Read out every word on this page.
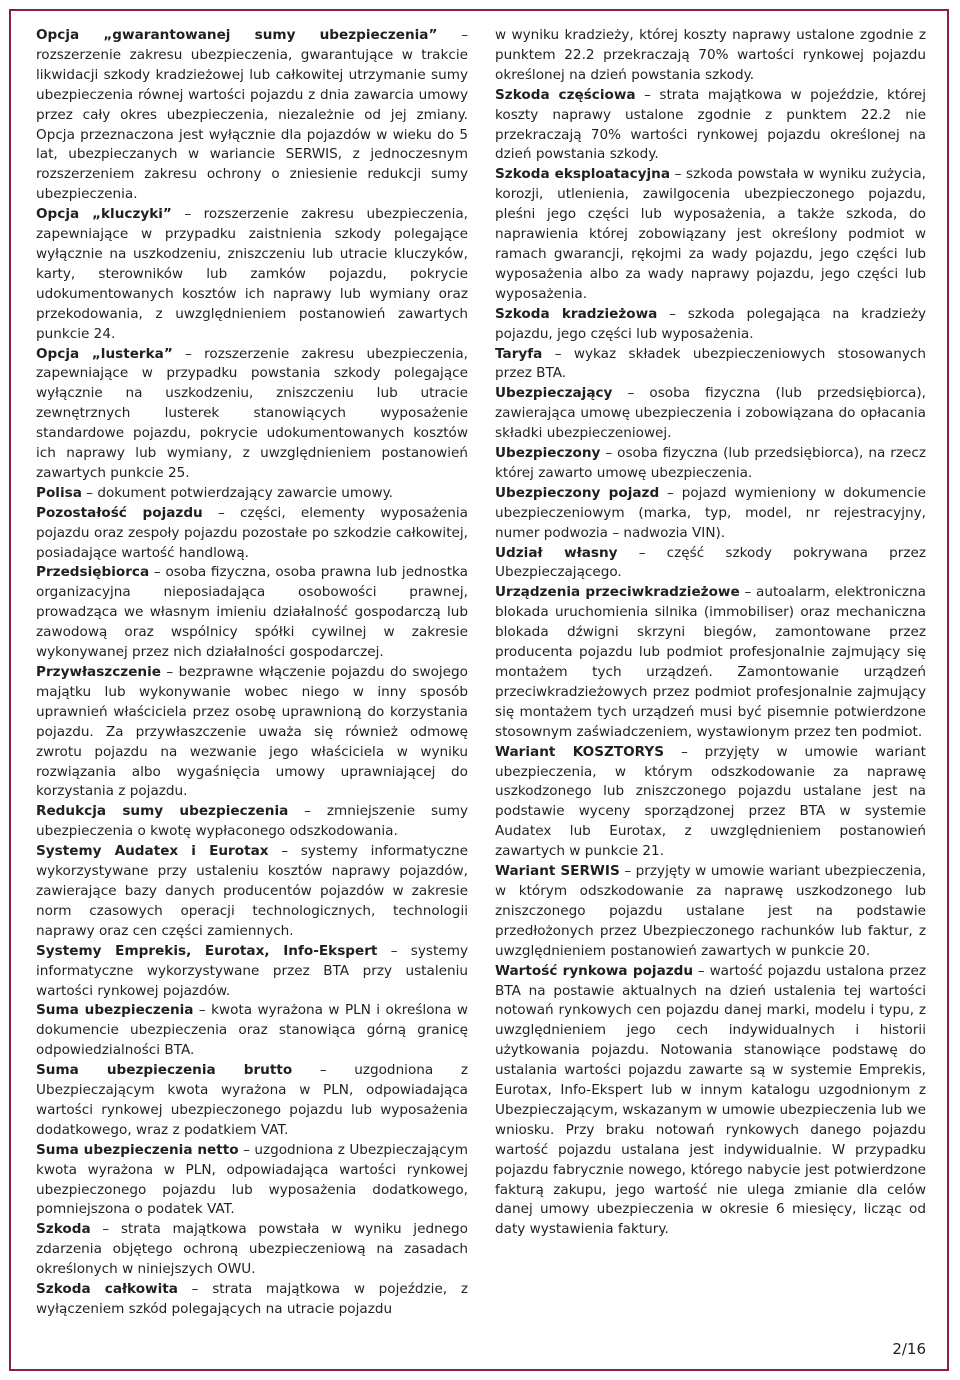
Opcja „gwarantowanej sumy ubezpieczenia” – rozszerzenie zakresu ubezpieczenia, gwarantujące w trakcie likwidacji szkody kradzieżowej lub całkowitej utrzymanie sumy ubezpieczenia równej wartości pojazdu z dnia zawarcia umowy przez cały okres ubezpieczenia, niezależnie od jej zmiany. Opcja przeznaczona jest wyłącznie dla pojazdów w wieku do 5 lat, ubezpieczanych w wariancie SERWIS, z jednoczesnym rozszerzeniem zakresu ochrony o zniesienie redukcji sumy ubezpieczenia.
Opcja „kluczyki” – rozszerzenie zakresu ubezpieczenia, zapewniające w przypadku zaistnienia szkody polegające wyłącznie na uszkodzeniu, zniszczeniu lub utracie kluczyków, karty, sterowników lub zamków pojazdu, pokrycie udokumentowanych kosztów ich naprawy lub wymiany oraz przekodowania, z uwzględnieniem postanowień zawartych punkcie 24.
Opcja „lusterka” – rozszerzenie zakresu ubezpieczenia, zapewniające w przypadku powstania szkody polegające wyłącznie na uszkodzeniu, zniszczeniu lub utracie zewnętrznych lusterek stanowiących wyposażenie standardowe pojazdu, pokrycie udokumentowanych kosztów ich naprawy lub wymiany, z uwzględnieniem postanowień zawartych punkcie 25.
Polisa – dokument potwierdzający zawarcie umowy.
Pozostałość pojazdu – części, elementy wyposażenia pojazdu oraz zespoły pojazdu pozostałe po szkodzie całkowitej, posiadające wartość handlową.
Przedsiębiorca – osoba fizyczna, osoba prawna lub jednostka organizacyjna nieposiadająca osobowości prawnej, prowadząca we własnym imieniu działalność gospodarczą lub zawodową oraz wspólnicy spółki cywilnej w zakresie wykonywanej przez nich działalności gospodarczej.
Przywłaszczenie – bezprawne włączenie pojazdu do swojego majątku lub wykonywanie wobec niego w inny sposób uprawnień właściciela przez osobę uprawnioną do korzystania pojazdu. Za przywłaszczenie uważa się również odmowę zwrotu pojazdu na wezwanie jego właściciela w wyniku rozwiązania albo wygaśnięcia umowy uprawniającej do korzystania z pojazdu.
Redukcja sumy ubezpieczenia – zmniejszenie sumy ubezpieczenia o kwotę wypłaconego odszkodowania.
Systemy Audatex i Eurotax – systemy informatyczne wykorzystywane przy ustaleniu kosztów naprawy pojazdów, zawierające bazy danych producentów pojazdów w zakresie norm czasowych operacji technologicznych, technologii naprawy oraz cen części zamiennych.
Systemy Emprekis, Eurotax, Info-Ekspert – systemy informatyczne wykorzystywane przez BTA przy ustaleniu wartości rynkowej pojazdów.
Suma ubezpieczenia – kwota wyrażona w PLN i określona w dokumencie ubezpieczenia oraz stanowiąca górną granicę odpowiedzialności BTA.
Suma ubezpieczenia brutto – uzgodniona z Ubezpieczającym kwota wyrażona w PLN, odpowiadająca wartości rynkowej ubezpieczonego pojazdu lub wyposażenia dodatkowego, wraz z podatkiem VAT.
Suma ubezpieczenia netto – uzgodniona z Ubezpieczającym kwota wyrażona w PLN, odpowiadająca wartości rynkowej ubezpieczonego pojazdu lub wyposażenia dodatkowego, pomniejszona o podatek VAT.
Szkoda – strata majątkowa powstała w wyniku jednego zdarzenia objętego ochroną ubezpieczeniową na zasadach określonych w niniejszych OWU.
Szkoda całkowita – strata majątkowa w pojeździe, z wyłączeniem szkód polegających na utracie pojazdu
w wyniku kradzieży, której koszty naprawy ustalone zgodnie z punktem 22.2 przekraczają 70% wartości rynkowej pojazdu określonej na dzień powstania szkody.
Szkoda częściowa – strata majątkowa w pojeździe, której koszty naprawy ustalone zgodnie z punktem 22.2 nie przekraczają 70% wartości rynkowej pojazdu określonej na dzień powstania szkody.
Szkoda eksploatacyjna – szkoda powstała w wyniku zużycia, korozji, utlenienia, zawilgocenia ubezpieczonego pojazdu, pleśni jego części lub wyposażenia, a także szkoda, do naprawienia której zobowiązany jest określony podmiot w ramach gwarancji, rękojmi za wady pojazdu, jego części lub wyposażenia albo za wady naprawy pojazdu, jego części lub wyposażenia.
Szkoda kradzieżowa – szkoda polegająca na kradzieży pojazdu, jego części lub wyposażenia.
Taryfa – wykaz składek ubezpieczeniowych stosowanych przez BTA.
Ubezpieczający – osoba fizyczna (lub przedsiębiorca), zawierająca umowę ubezpieczenia i zobowiązana do opłacania składki ubezpieczeniowej.
Ubezpieczony – osoba fizyczna (lub przedsiębiorca), na rzecz której zawarto umowę ubezpieczenia.
Ubezpieczony pojazd – pojazd wymieniony w dokumencie ubezpieczeniowym (marka, typ, model, nr rejestracyjny, numer podwozia – nadwozia VIN).
Udział własny – część szkody pokrywana przez Ubezpieczającego.
Urządzenia przeciwkradzieżowe – autoalarm, elektroniczna blokada uruchomienia silnika (immobiliser) oraz mechaniczna blokada dźwigni skrzyni biegów, zamontowane przez producenta pojazdu lub podmiot profesjonalnie zajmujący się montażem tych urządzeń. Zamontowanie urządzeń przeciwkradzieżowych przez podmiot profesjonalnie zajmujący się montażem tych urządzeń musi być pisemnie potwierdzone stosownym zaświadczeniem, wystawionym przez ten podmiot.
Wariant KOSZTORYS – przyjęty w umowie wariant ubezpieczenia, w którym odszkodowanie za naprawę uszkodzonego lub zniszczonego pojazdu ustalane jest na podstawie wyceny sporządzonej przez BTA w systemie Audatex lub Eurotax, z uwzględnieniem postanowień zawartych w punkcie 21.
Wariant SERWIS – przyjęty w umowie wariant ubezpieczenia, w którym odszkodowanie za naprawę uszkodzonego lub zniszczonego pojazdu ustalane jest na podstawie przedłożonych przez Ubezpieczonego rachunków lub faktur, z uwzględnieniem postanowień zawartych w punkcie 20.
Wartość rynkowa pojazdu – wartość pojazdu ustalona przez BTA na postawie aktualnych na dzień ustalenia tej wartości notowań rynkowych cen pojazdu danej marki, modelu i typu, z uwzględnieniem jego cech indywidualnych i historii użytkowania pojazdu. Notowania stanowiące podstawę do ustalania wartości pojazdu zawarte są w systemie Emprekis, Eurotax, Info-Ekspert lub w innym katalogu uzgodnionym z Ubezpieczającym, wskazanym w umowie ubezpieczenia lub we wniosku. Przy braku notowań rynkowych danego pojazdu wartość pojazdu ustalana jest indywidualnie. W przypadku pojazdu fabrycznie nowego, którego nabycie jest potwierdzone fakturą zakupu, jego wartość nie ulega zmianie dla celów danej umowy ubezpieczenia w okresie 6 miesięcy, licząc od daty wystawienia faktury.
2/16
